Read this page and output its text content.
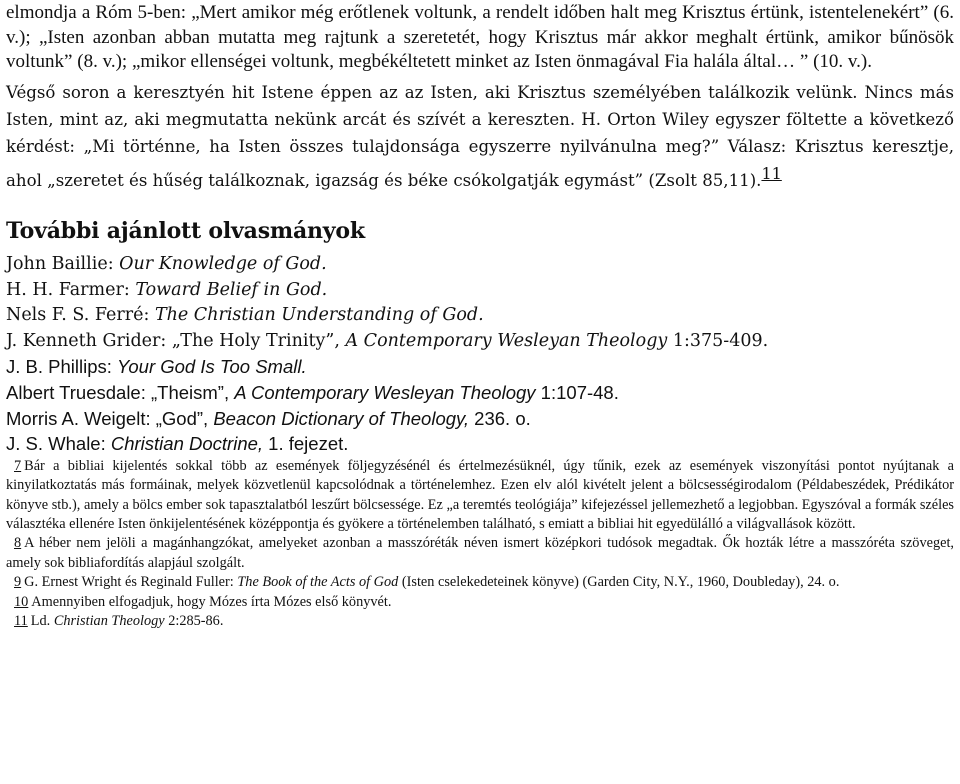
elmondja a Róm 5-ben: „Mert amikor még erőtlenek voltunk, a rendelt időben halt meg Krisztus értünk, istentelenekért” (6. v.); „Isten azonban abban mutatta meg rajtunk a szeretetét, hogy Krisztus már akkor meghalt értünk, amikor bűnösök voltunk” (8. v.); „mikor ellenségei voltunk, megbékéltetett minket az Isten önmagával Fia halála által… ” (10. v.).

Végső soron a keresztyén hit Istene éppen az az Isten, aki Krisztus személyében találkozik velünk. Nincs más Isten, mint az, aki megmutatta nekünk arcát és szívét a kereszten. H. Orton Wiley egyszer föltette a következő kérdést: „Mi történne, ha Isten összes tulajdonsága egyszerre nyilvánulna meg?” Válasz: Krisztus keresztje, ahol „szeretet és hűség találkoznak, igazság és béke csókolgatják egymást” (Zsolt 85,11).11

További ajánlott olvasmányok

John Baillie: Our Knowledge of God.

H. H. Farmer: Toward Belief in God.

Nels F. S. Ferré: The Christian Understanding of God.

J. Kenneth Grider: „The Holy Trinity”, A Contemporary Wesleyan Theology 1:375-409.

J. B. Phillips: Your God Is Too Small.

Albert Truesdale: „Theism”, A Contemporary Wesleyan Theology 1:107-48.

Morris A. Weigelt: „God”, Beacon Dictionary of Theology, 236. o.

J. S. Whale: Christian Doctrine, 1. fejezet.

7 Bár a bibliai kijelentés sokkal több az események följegyzésénél és értelmezésüknél, úgy tűnik, ezek az események viszonyítási pontot nyújtanak a kinyilatkoztatás más formáinak, melyek közvetlenül kapcsolódnak a történelemhez. Ezen elv alól kivételt jelent a bölcsességirodalom (Példabeszédek, Prédikátor könyve stb.), amely a bölcs ember sok tapasztalatból leszűrt bölcsessége. Ez „a teremtés teológiája” kifejezéssel jellemezhető a legjobban. Egyszóval a formák széles választéka ellenére Isten önkijelentésének középpontja és gyökere a történelemben található, s emiatt a bibliai hit egyedülálló a világvallások között.

8 A héber nem jelöli a magánhangzókat, amelyeket azonban a masszóréták néven ismert középkori tudósok megadtak. Ők hozták létre a masszóréta szöveget, amely sok bibliafordítás alapjául szolgált.

9 G. Ernest Wright és Reginald Fuller: The Book of the Acts of God (Isten cselekedeteinek könyve) (Garden City, N.Y., 1960, Doubleday), 24. o.

10 Amennyiben elfogadjuk, hogy Mózes írta Mózes első könyvét.

11 Ld. Christian Theology 2:285-86.
